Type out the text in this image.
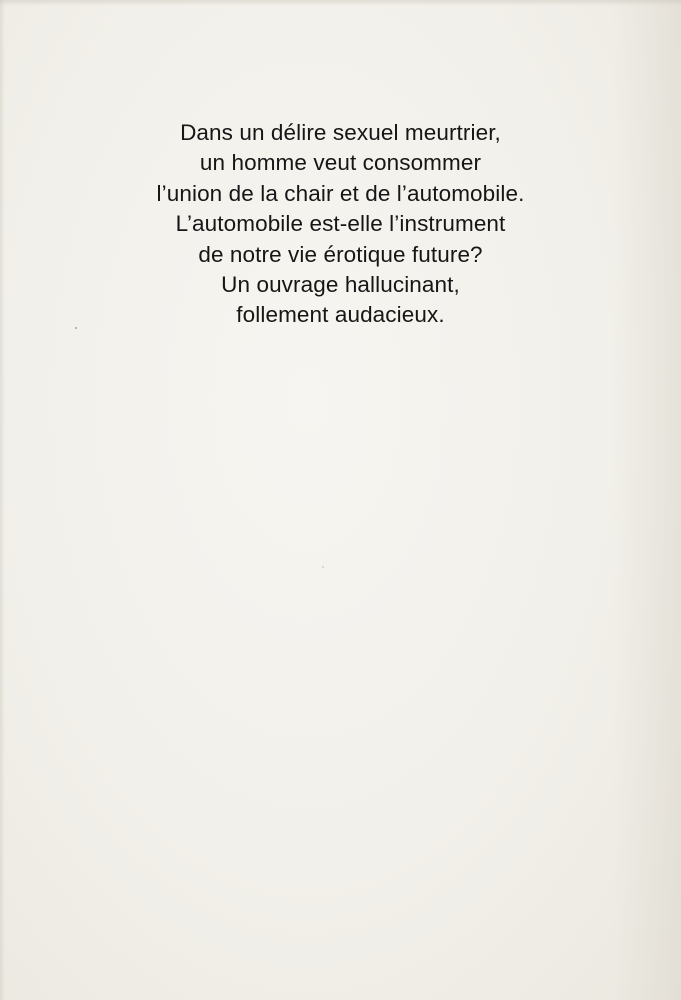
Dans un délire sexuel meurtrier,
un homme veut consommer
l’union de la chair et de l’automobile.
L’automobile est-elle l’instrument
de notre vie érotique future?
Un ouvrage hallucinant,
follement audacieux.
